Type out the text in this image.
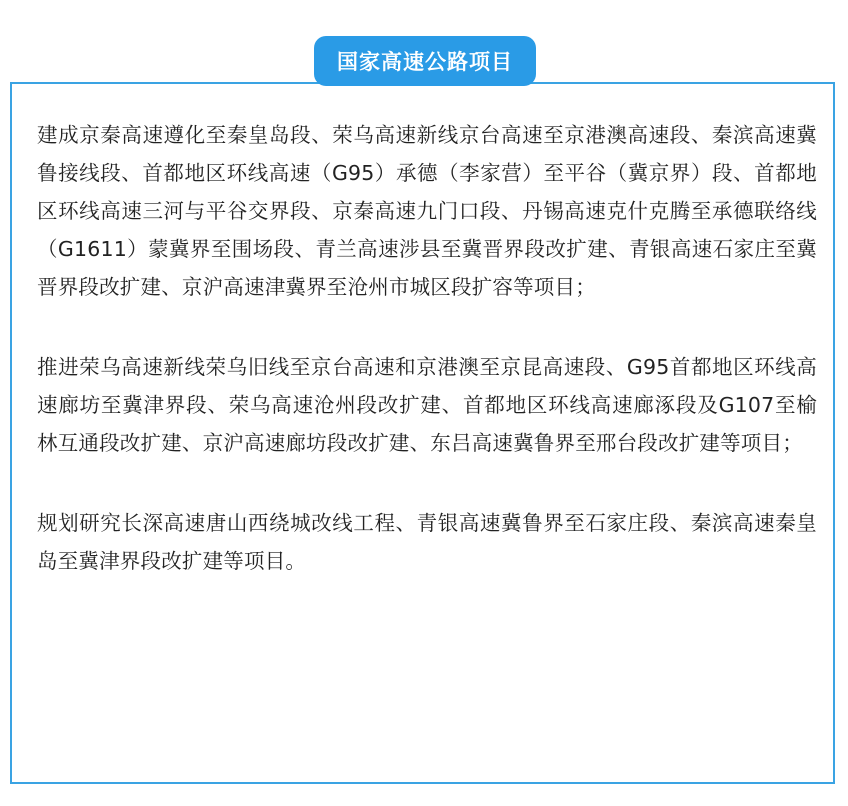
国家高速公路项目

建成京秦高速遵化至秦皇岛段、荣乌高速新线京台高速至京港澳高速段、秦滨高速冀鲁接线段、首都地区环线高速（G95）承德（李家营）至平谷（冀京界）段、首都地区环线高速三河与平谷交界段、京秦高速九门口段、丹锡高速克什克腾至承德联络线（G1611）蒙冀界至围场段、青兰高速涉县至冀晋界段改扩建、青银高速石家庄至冀晋界段改扩建、京沪高速津冀界至沧州市城区段扩容等项目；

推进荣乌高速新线荣乌旧线至京台高速和京港澳至京昆高速段、G95首都地区环线高速廊坊至冀津界段、荣乌高速沧州段改扩建、首都地区环线高速廊涿段及G107至榆林互通段改扩建、京沪高速廊坊段改扩建、东吕高速冀鲁界至邢台段改扩建等项目；

规划研究长深高速唐山西绕城改线工程、青银高速冀鲁界至石家庄段、秦滨高速秦皇岛至冀津界段改扩建等项目。
